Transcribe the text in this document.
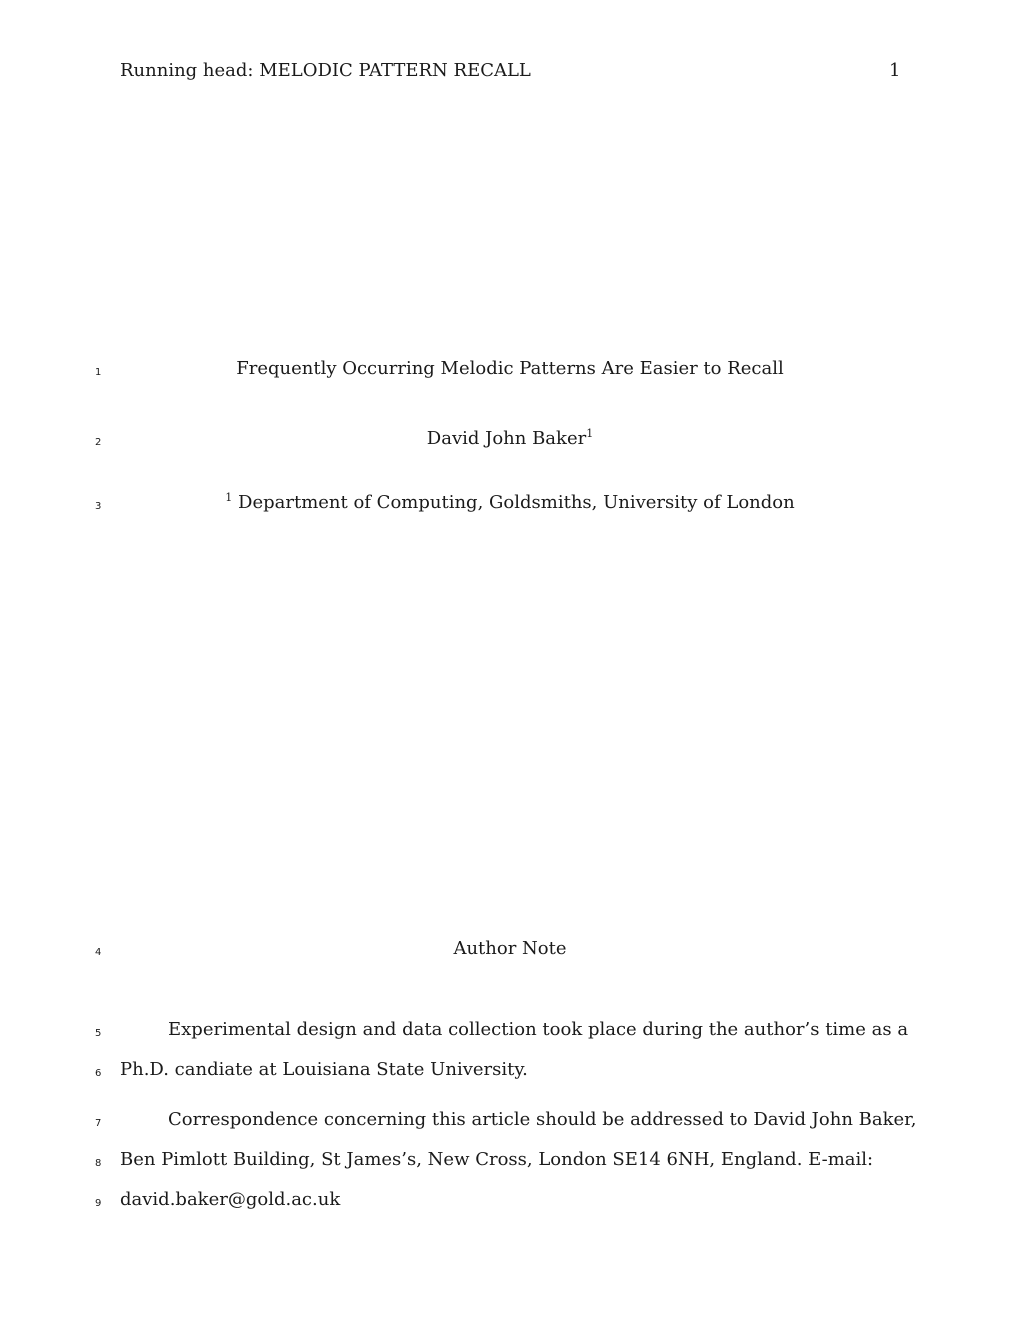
Running head: MELODIC PATTERN RECALL	1
1	Frequently Occurring Melodic Patterns Are Easier to Recall
2	David John Baker$^1$
3
$^1$ Department of Computing, Goldsmiths, University of London
4	Author Note
5	Experimental design and data collection took place during the author’s time as a
6	Ph.D. candiate at Louisiana State University.
7	Correspondence concerning this article should be addressed to David John Baker,
8	Ben Pimlott Building, St James’s, New Cross, London SE14 6NH, England. E-mail:
9	david.baker@gold.ac.uk
